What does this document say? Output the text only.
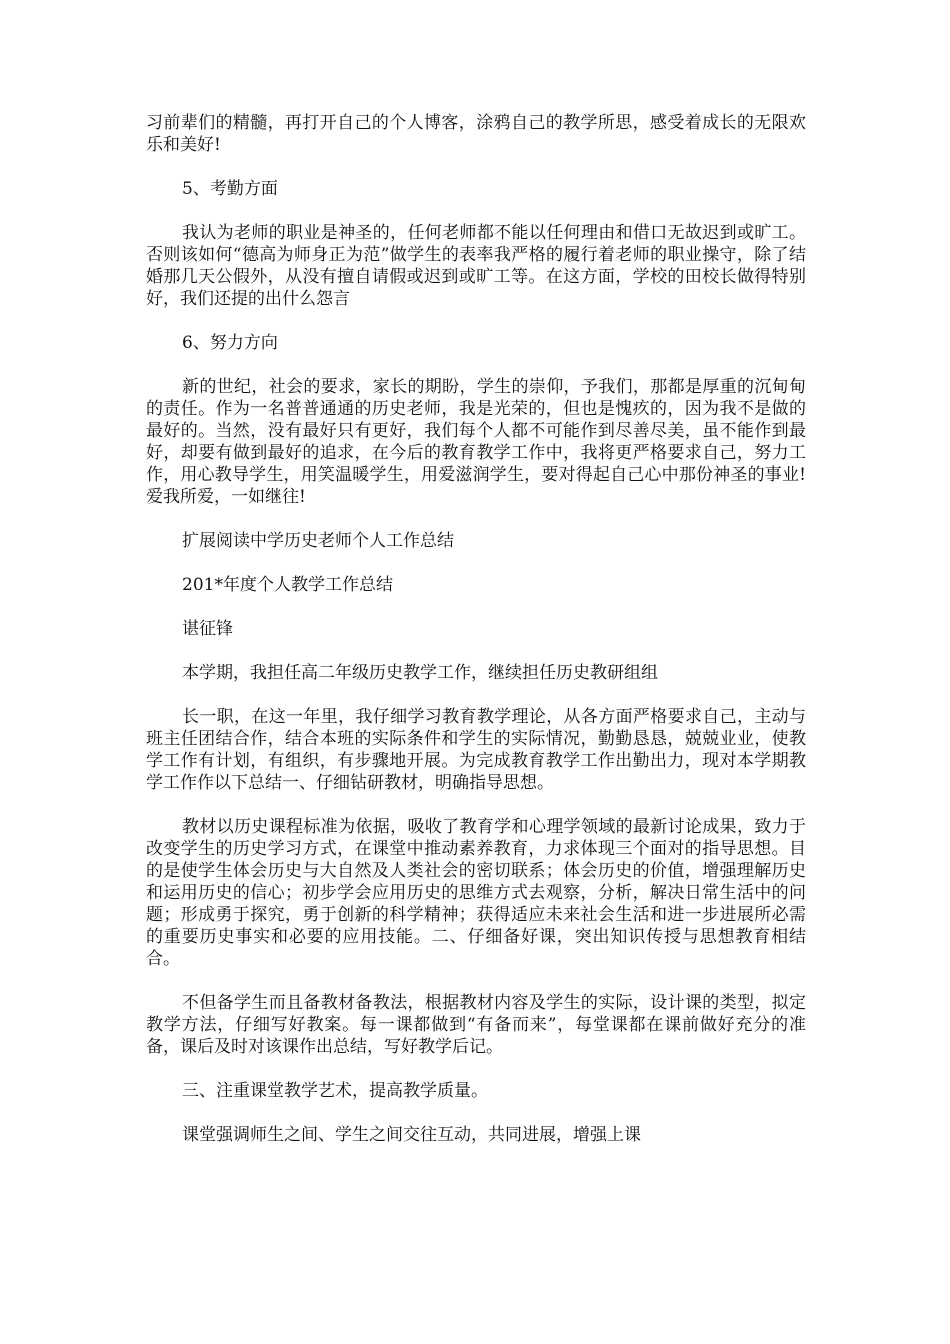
习前辈们的精髓，再打开自己的个人博客，涂鸦自己的教学所思，感受着成长的无限欢乐和美好!

5、考勤方面

我认为老师的职业是神圣的，任何老师都不能以任何理由和借口无故迟到或旷工。否则该如何“德高为师身正为范”做学生的表率我严格的履行着老师的职业操守，除了结婚那几天公假外，从没有擅自请假或迟到或旷工等。在这方面，学校的田校长做得特别好，我们还提的出什么怨言

6、努力方向

新的世纪，社会的要求，家长的期盼，学生的崇仰，予我们，那都是厚重的沉甸甸的责任。作为一名普普通通的历史老师，我是光荣的，但也是愧疚的，因为我不是做的最好的。当然，没有最好只有更好，我们每个人都不可能作到尽善尽美，虽不能作到最好，却要有做到最好的追求，在今后的教育教学工作中，我将更严格要求自己，努力工作，用心教导学生，用笑温暖学生，用爱滋润学生，要对得起自己心中那份神圣的事业!爱我所爱，一如继往!

扩展阅读中学历史老师个人工作总结

201*年度个人教学工作总结

谌征锋

本学期，我担任高二年级历史教学工作，继续担任历史教研组组

长一职，在这一年里，我仔细学习教育教学理论，从各方面严格要求自己，主动与班主任团结合作，结合本班的实际条件和学生的实际情况，勤勤恳恳，兢兢业业，使教学工作有计划，有组织，有步骤地开展。为完成教育教学工作出勤出力，现对本学期教学工作作以下总结一、仔细钻研教材，明确指导思想。

教材以历史课程标准为依据，吸收了教育学和心理学领域的最新讨论成果，致力于改变学生的历史学习方式，在课堂中推动素养教育，力求体现三个面对的指导思想。目的是使学生体会历史与大自然及人类社会的密切联系；体会历史的价值，增强理解历史和运用历史的信心；初步学会应用历史的思维方式去观察，分析，解决日常生活中的问题；形成勇于探究，勇于创新的科学精神；获得适应未来社会生活和进一步进展所必需的重要历史事实和必要的应用技能。二、仔细备好课，突出知识传授与思想教育相结合。

不但备学生而且备教材备教法，根据教材内容及学生的实际，设计课的类型，拟定教学方法，仔细写好教案。每一课都做到“有备而来”，每堂课都在课前做好充分的准备，课后及时对该课作出总结，写好教学后记。

三、注重课堂教学艺术，提高教学质量。

课堂强调师生之间、学生之间交往互动，共同进展，增强上课
